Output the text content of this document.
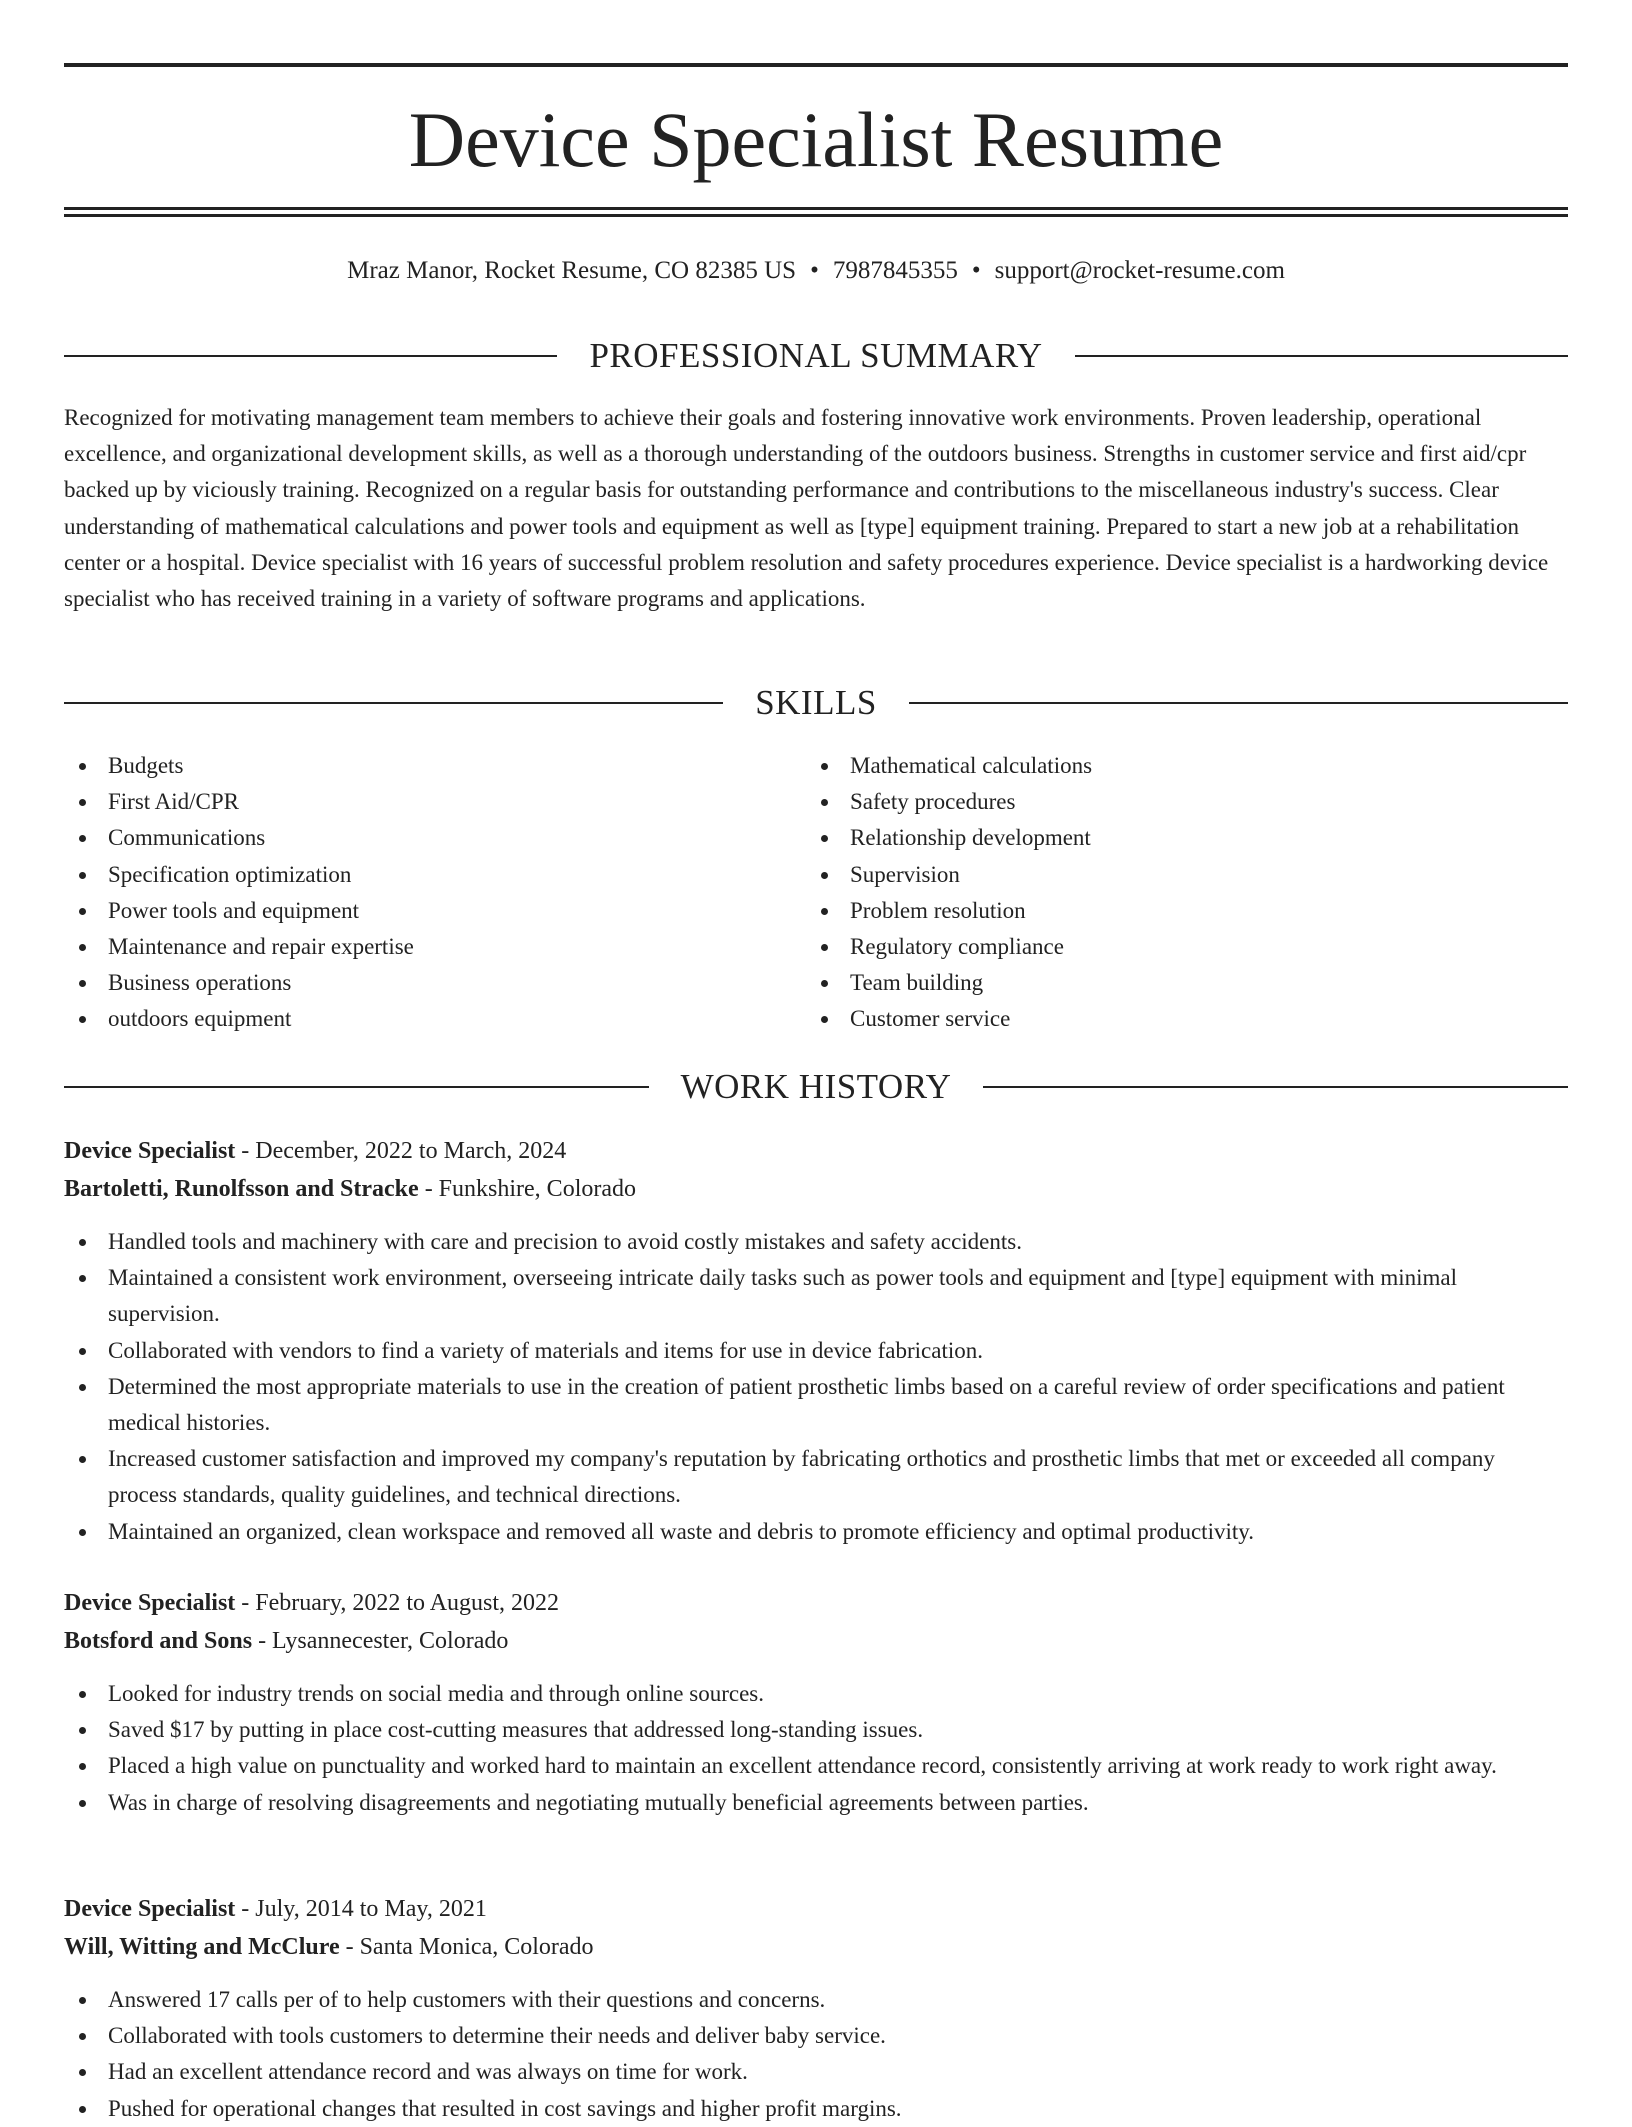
Device Specialist Resume
Mraz Manor, Rocket Resume, CO 82385 US • 7987845355 • support@rocket-resume.com
PROFESSIONAL SUMMARY

Recognized for motivating management team members to achieve their goals and fostering innovative work environments. Proven leadership, operational excellence, and organizational development skills, as well as a thorough understanding of the outdoors business. Strengths in customer service and first aid/cpr backed up by viciously training. Recognized on a regular basis for outstanding performance and contributions to the miscellaneous industry's success. Clear understanding of mathematical calculations and power tools and equipment as well as [type] equipment training. Prepared to start a new job at a rehabilitation center or a hospital. Device specialist with 16 years of successful problem resolution and safety procedures experience. Device specialist is a hardworking device specialist who has received training in a variety of software programs and applications.

SKILLS
Budgets
First Aid/CPR
Communications
Specification optimization
Power tools and equipment
Maintenance and repair expertise
Business operations
outdoors equipment
Mathematical calculations
Safety procedures
Relationship development
Supervision
Problem resolution
Regulatory compliance
Team building
Customer service
WORK HISTORY
Device Specialist - December, 2022 to March, 2024
Bartoletti, Runolfsson and Stracke - Funkshire, Colorado
Handled tools and machinery with care and precision to avoid costly mistakes and safety accidents.
Maintained a consistent work environment, overseeing intricate daily tasks such as power tools and equipment and [type] equipment with minimal supervision.
Collaborated with vendors to find a variety of materials and items for use in device fabrication.
Determined the most appropriate materials to use in the creation of patient prosthetic limbs based on a careful review of order specifications and patient medical histories.
Increased customer satisfaction and improved my company's reputation by fabricating orthotics and prosthetic limbs that met or exceeded all company process standards, quality guidelines, and technical directions.
Maintained an organized, clean workspace and removed all waste and debris to promote efficiency and optimal productivity.
Device Specialist - February, 2022 to August, 2022
Botsford and Sons - Lysannecester, Colorado
Looked for industry trends on social media and through online sources.
Saved $17 by putting in place cost-cutting measures that addressed long-standing issues.
Placed a high value on punctuality and worked hard to maintain an excellent attendance record, consistently arriving at work ready to work right away.
Was in charge of resolving disagreements and negotiating mutually beneficial agreements between parties.
Device Specialist - July, 2014 to May, 2021
Will, Witting and McClure - Santa Monica, Colorado
Answered 17 calls per of to help customers with their questions and concerns.
Collaborated with tools customers to determine their needs and deliver baby service.
Had an excellent attendance record and was always on time for work.
Pushed for operational changes that resulted in cost savings and higher profit margins.
